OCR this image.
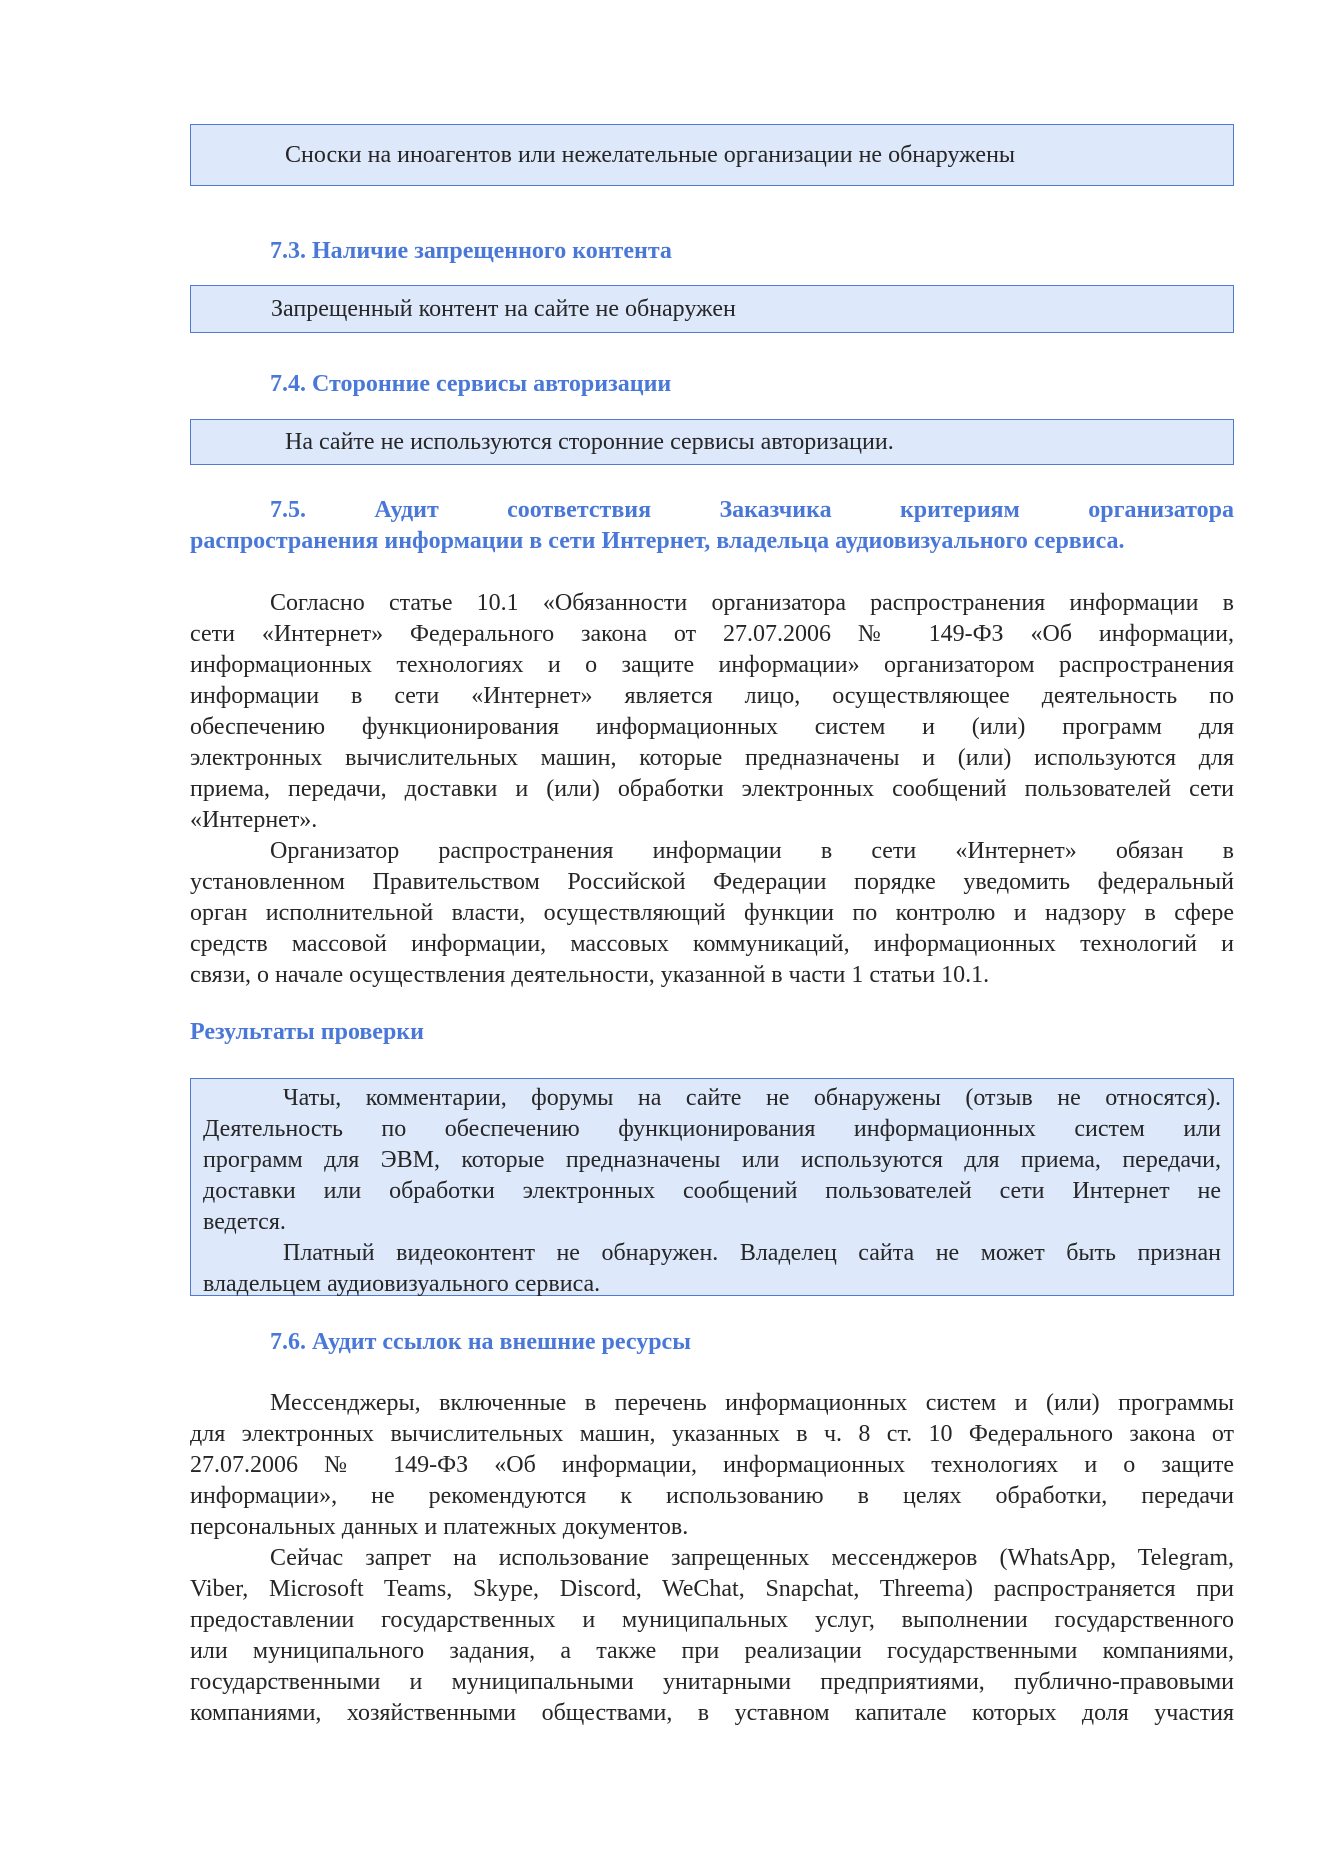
Сноски на иноагентов или нежелательные организации не обнаружены
7.3. Наличие запрещенного контента
Запрещенный контент на сайте не обнаружен
7.4. Сторонние сервисы авторизации
На сайте не используются сторонние сервисы авторизации.
7.5.	Аудит	соответствия	Заказчика	критериям	организатора
распространения информации в сети Интернет, владельца аудиовизуального сервиса.
Согласно статье 10.1 «Обязанности организатора распространения информации в
сети «Интернет» Федерального закона от 27.07.2006 № 149-ФЗ «Об информации,
информационных технологиях и о защите информации» организатором распространения
информации в сети «Интернет» является лицо, осуществляющее деятельность по
обеспечению функционирования информационных систем и (или) программ для
электронных вычислительных машин, которые предназначены и (или) используются для
приема, передачи, доставки и (или) обработки электронных сообщений пользователей сети
«Интернет».
Организатор распространения информации в сети «Интернет» обязан в
установленном Правительством Российской Федерации порядке уведомить федеральный
орган исполнительной власти, осуществляющий функции по контролю и надзору в сфере
средств массовой информации, массовых коммуникаций, информационных технологий и
связи, о начале осуществления деятельности, указанной в части 1 статьи 10.1.
Результаты проверки
Чаты, комментарии, форумы на сайте не обнаружены (отзыв не относятся).
Деятельность по обеспечению функционирования информационных систем или
программ для ЭВМ, которые предназначены или используются для приема, передачи,
доставки или обработки электронных сообщений пользователей сети Интернет не
ведется.
Платный видеоконтент не обнаружен. Владелец сайта не может быть признан
владельцем аудиовизуального сервиса.
7.6. Аудит ссылок на внешние ресурсы
Мессенджеры, включенные в перечень информационных систем и (или) программы
для электронных вычислительных машин, указанных в ч. 8 ст. 10 Федерального закона от
27.07.2006 № 149-ФЗ «Об информации, информационных технологиях и о защите
информации», не рекомендуются к использованию в целях обработки, передачи
персональных данных и платежных документов.
Сейчас запрет на использование запрещенных мессенджеров (WhatsApp, Telegram,
Viber, Microsoft Teams, Skype, Discord, WeChat, Snapchat, Threema) распространяется при
предоставлении государственных и муниципальных услуг, выполнении государственного
или муниципального задания, а также при реализации государственными компаниями,
государственными и муниципальными унитарными предприятиями, публично-правовыми
компаниями, хозяйственными обществами, в уставном капитале которых доля участия
